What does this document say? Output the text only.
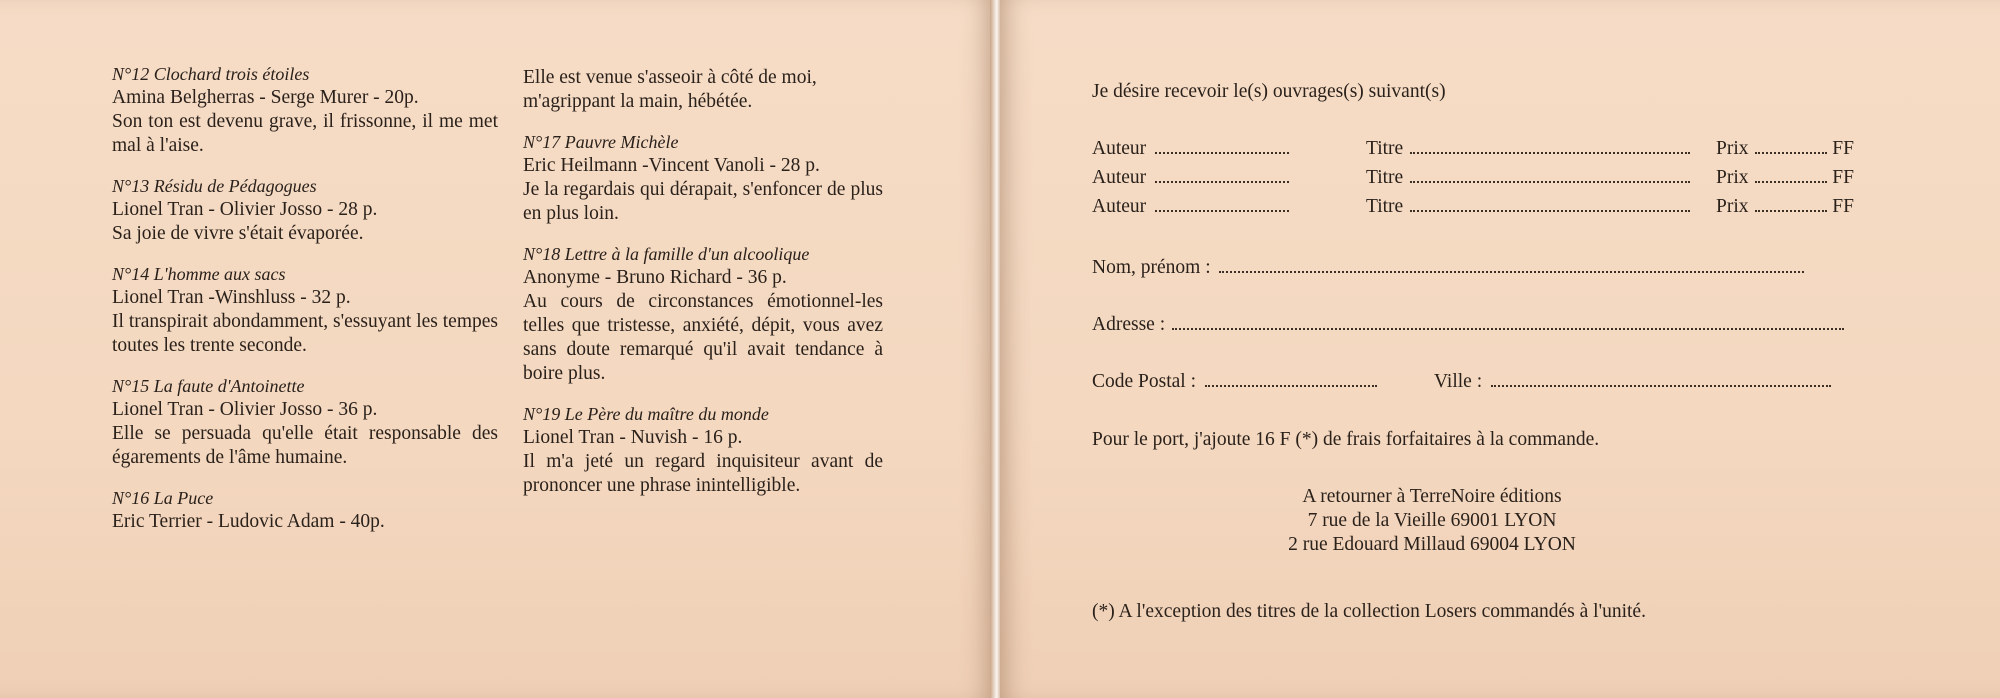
N°12 Clochard trois étoiles
Amina Belgherras - Serge Murer - 20p.
Son ton est devenu grave, il frissonne, il me met mal à l'aise.
N°13 Résidu de Pédagogues
Lionel Tran - Olivier Josso - 28 p.
Sa joie de vivre s'était évaporée.
N°14 L'homme aux sacs
Lionel Tran -Winshluss - 32 p.
Il transpirait abondamment, s'essuyant les tempes toutes les trente seconde.
N°15 La faute d'Antoinette
Lionel Tran - Olivier Josso - 36 p.
Elle se persuada qu'elle était responsable des égarements de l'âme humaine.
N°16 La Puce
Eric Terrier - Ludovic Adam - 40p.
Elle est venue s'asseoir à côté de moi, m'agrippant la main, hébétée.
N°17 Pauvre Michèle
Eric Heilmann -Vincent Vanoli - 28 p.
Je la regardais qui dérapait, s'enfoncer de plus en plus loin.
N°18 Lettre à la famille d'un alcoolique
Anonyme - Bruno Richard - 36 p.
Au cours de circonstances émotionnel-les telles que tristesse, anxiété, dépit, vous avez sans doute remarqué qu'il avait tendance à boire plus.
N°19 Le Père du maître du monde
Lionel Tran - Nuvish - 16 p.
Il m'a jeté un regard inquisiteur avant de prononcer une phrase inintelligible.
Je désire recevoir le(s) ouvrages(s) suivant(s)
Auteur	Titre	Prix	FF
Auteur	Titre	Prix	FF
Auteur	Titre	Prix	FF
Nom, prénom :
Adresse :
Code Postal :	Ville :
Pour le port, j'ajoute 16 F (*) de frais forfaitaires à la commande.
A retourner à TerreNoire éditions
7 rue de la Vieille 69001 LYON
2 rue Edouard Millaud 69004 LYON
(*) A l'exception des titres de la collection Losers commandés à l'unité.
